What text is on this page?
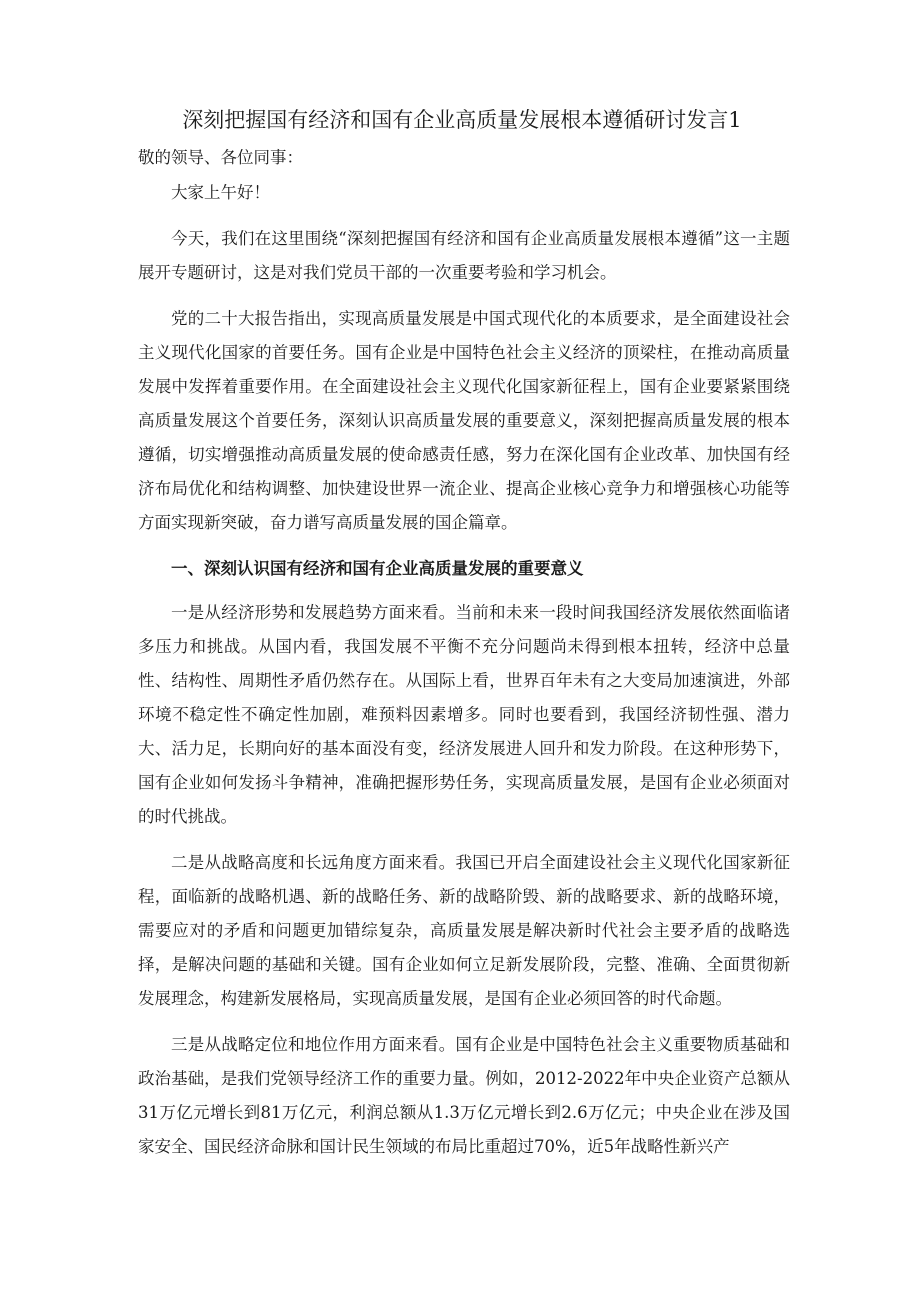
深刻把握国有经济和国有企业高质量发展根本遵循研讨发言1
敬的领导、各位同事：

大家上午好！

今天，我们在这里围绕“深刻把握国有经济和国有企业高质量发展根本遵循”这一主题展开专题研讨，这是对我们党员干部的一次重要考验和学习机会。

党的二十大报告指出，实现高质量发展是中国式现代化的本质要求，是全面建设社会主义现代化国家的首要任务。国有企业是中国特色社会主义经济的顶梁柱，在推动高质量发展中发挥着重要作用。在全面建设社会主义现代化国家新征程上，国有企业要紧紧围绕高质量发展这个首要任务，深刻认识高质量发展的重要意义，深刻把握高质量发展的根本遵循，切实增强推动高质量发展的使命感责任感，努力在深化国有企业改革、加快国有经济布局优化和结构调整、加快建设世界一流企业、提高企业核心竞争力和增强核心功能等方面实现新突破，奋力谱写高质量发展的国企篇章。

一、深刻认识国有经济和国有企业高质量发展的重要意义

一是从经济形势和发展趋势方面来看。当前和未来一段时间我国经济发展依然面临诸多压力和挑战。从国内看，我国发展不平衡不充分问题尚未得到根本扭转，经济中总量性、结构性、周期性矛盾仍然存在。从国际上看，世界百年未有之大变局加速演进，外部环境不稳定性不确定性加剧，难预料因素增多。同时也要看到，我国经济韧性强、潜力大、活力足，长期向好的基本面没有变，经济发展进人回升和发力阶段。在这种形势下，国有企业如何发扬斗争精神，准确把握形势任务，实现高质量发展，是国有企业必须面对的时代挑战。

二是从战略高度和长远角度方面来看。我国已开启全面建设社会主义现代化国家新征程，面临新的战略机遇、新的战略任务、新的战略阶毁、新的战略要求、新的战略环境，需要应对的矛盾和问题更加错综复杂，高质量发展是解决新时代社会主要矛盾的战略选择，是解决问题的基础和关键。国有企业如何立足新发展阶段，完整、准确、全面贯彻新发展理念，构建新发展格局，实现高质量发展，是国有企业必须回答的时代命题。

三是从战略定位和地位作用方面来看。国有企业是中国特色社会主义重要物质基础和政治基础，是我们党领导经济工作的重要力量。例如，2012-2022年中央企业资产总额从31万亿元增长到81万亿元，利润总额从1.3万亿元增长到2.6万亿元；中央企业在涉及国家安全、国民经济命脉和国计民生领域的布局比重超过70%，近5年战略性新兴产
